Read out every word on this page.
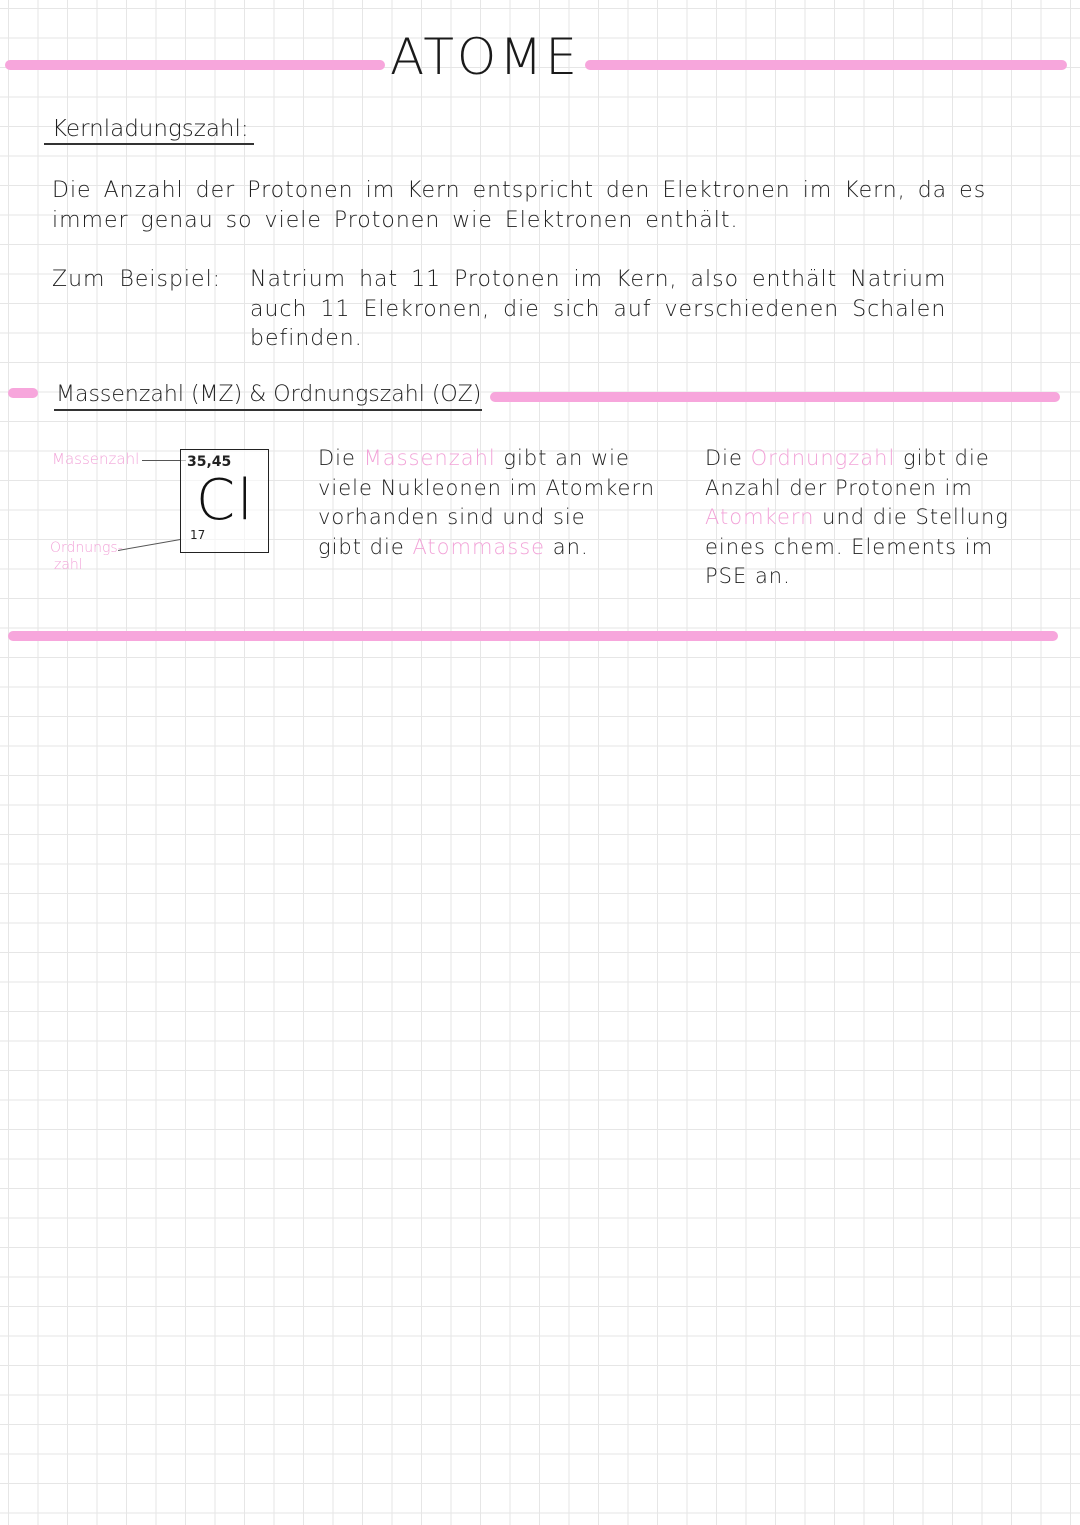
ATOME
Kernladungszahl:
Die Anzahl der Protonen im Kern entspricht den Elektronen im Kern, da es
immer genau so viele Protonen wie Elektronen enthält.
Zum Beispiel: Natrium hat 11 Protonen im Kern, also enthält Natrium
auch 11 Elekronen, die sich auf verschiedenen Schalen
befinden.
Massenzahl (MZ) & Ordnungszahl (OZ)
Massenzahl
Ordnungs-
zahl
35,45
Cl
17
Die Massenzahl gibt an wie
viele Nukleonen im Atomkern
vorhanden sind und sie
gibt die Atommasse an.
Die Ordnungzahl gibt die
Anzahl der Protonen im
Atomkern und die Stellung
eines chem. Elements im
PSE an.
